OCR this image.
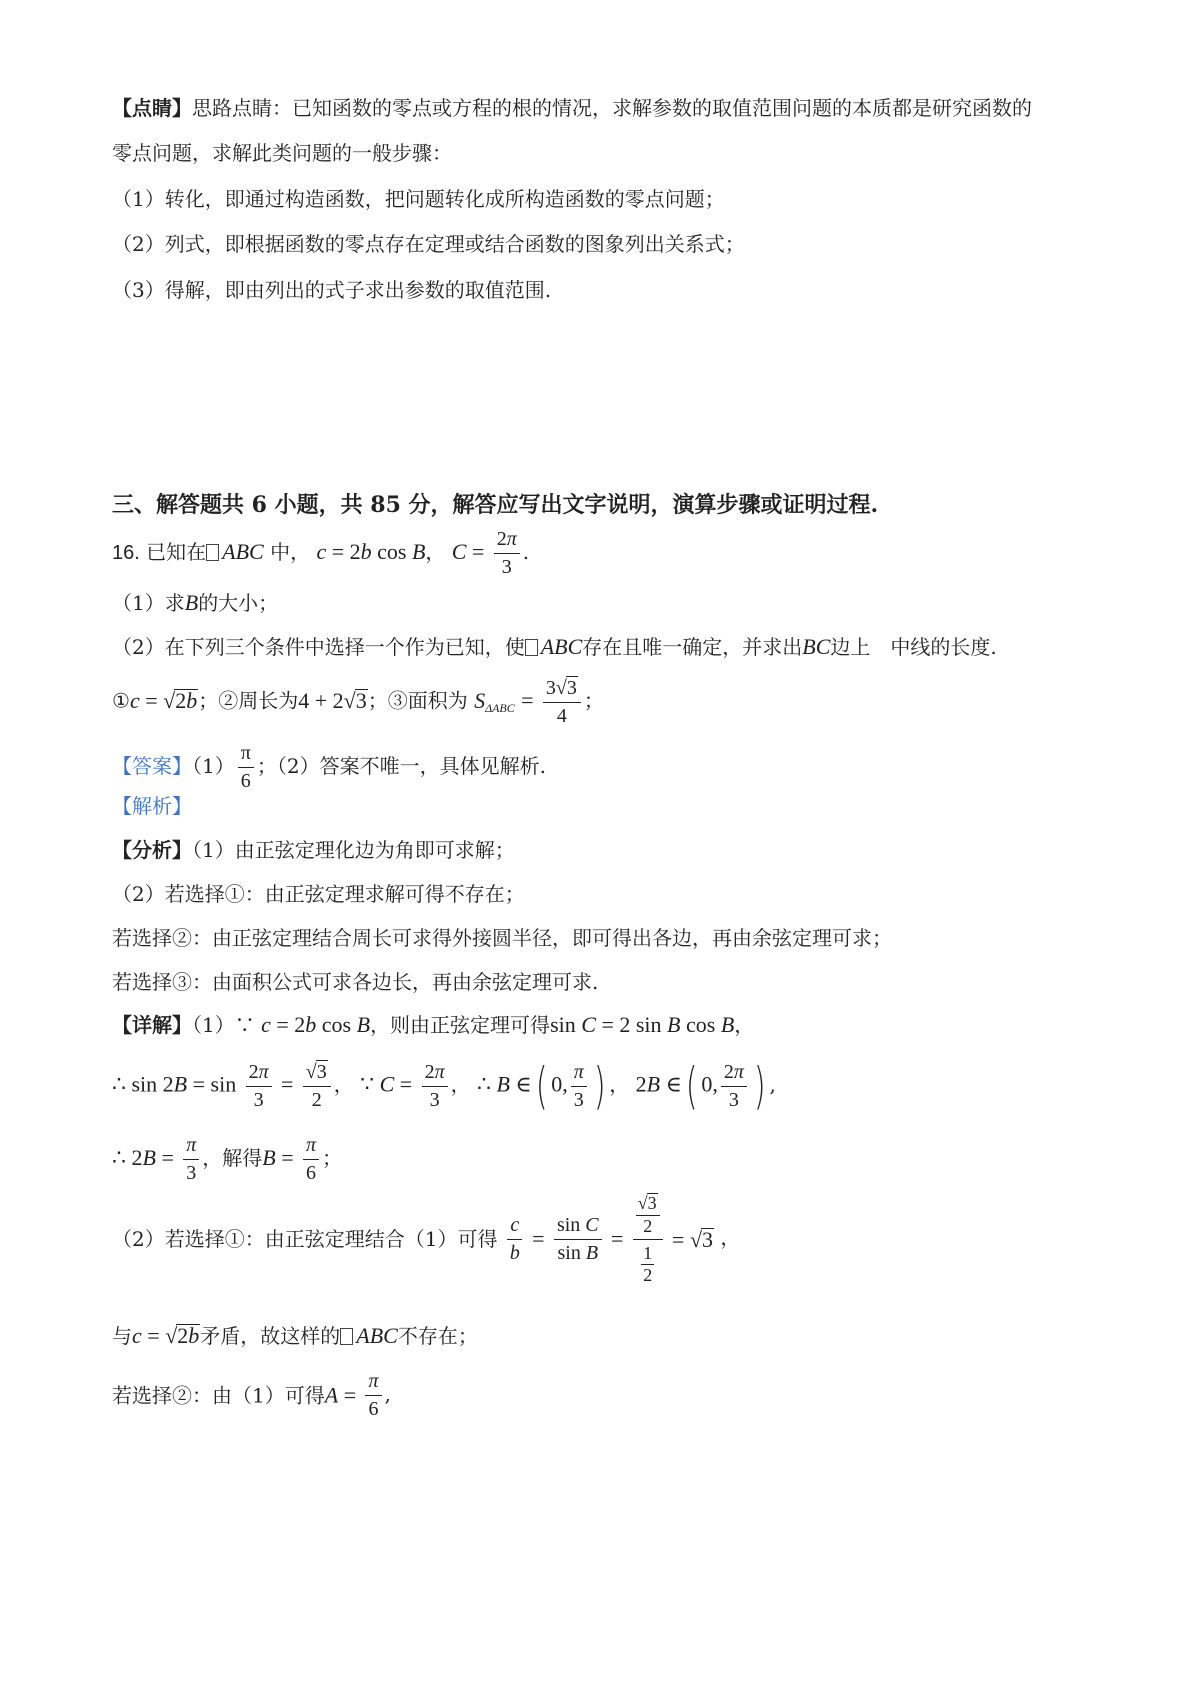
【点睛】思路点睛：已知函数的零点或方程的根的情况，求解参数的取值范围问题的本质都是研究函数的
零点问题，求解此类问题的一般步骤：
（1）转化，即通过构造函数，把问题转化成所构造函数的零点问题；
（2）列式，即根据函数的零点存在定理或结合函数的图象列出关系式；
（3）得解，即由列出的式子求出参数的取值范围.
三、解答题共 6 小题，共 85 分，解答应写出文字说明，演算步骤或证明过程.
16. 已知在 ABC 中， c = 2b cos B， $C = \frac{2\pi}{3}$ .
（1）求B的大小；
（2）在下列三个条件中选择一个作为已知，使 ABC存在且唯一确定，并求出BC边上　中线的长度.
①c = √2b；②周长为4 + 2√3；③面积为 $S\Delta ABC = \frac{3√3}{4}$ ；
【答案】$(1) \frac{\pi}{6}$ ；（2）答案不唯一，具体见解析.
【解析】
【分析】（1）由正弦定理化边为角即可求解；
（2）若选择①：由正弦定理求解可得不存在；
若选择②：由正弦定理结合周长可求得外接圆半径，即可得出各边，再由余弦定理可求；
若选择③：由面积公式可求各边长，再由余弦定理可求.
【详解】（1）∵ c = 2b cos B，则由正弦定理可得sin C = 2 sin B cos B，
∴ $\sin 2B = \sin \frac{2\pi}{3} = \frac{√3}{2}$ ， ∵ $C = \frac{2\pi}{3}$ ， ∴ B ∈( 0, $\frac{\pi}{3}$ ) ， 2B ∈( 0, $\frac{2\pi}{3}$ ) ,
∴ $2B = \frac{\pi}{3}$ ，解得$B = \frac{\pi}{6}$ ；
（2）若选择①：由正弦定理结合（1）可得 $\frac{c}{b} = \frac{\text{sin C}}{\text{sin B}} = \frac{\frac{√3}{2}}{\frac{1}{2}} = √3$ ，
与c = √2b矛盾，故这样的 ABC不存在；
若选择②：由（1）可得$A = \frac{\pi}{6}$ ,
